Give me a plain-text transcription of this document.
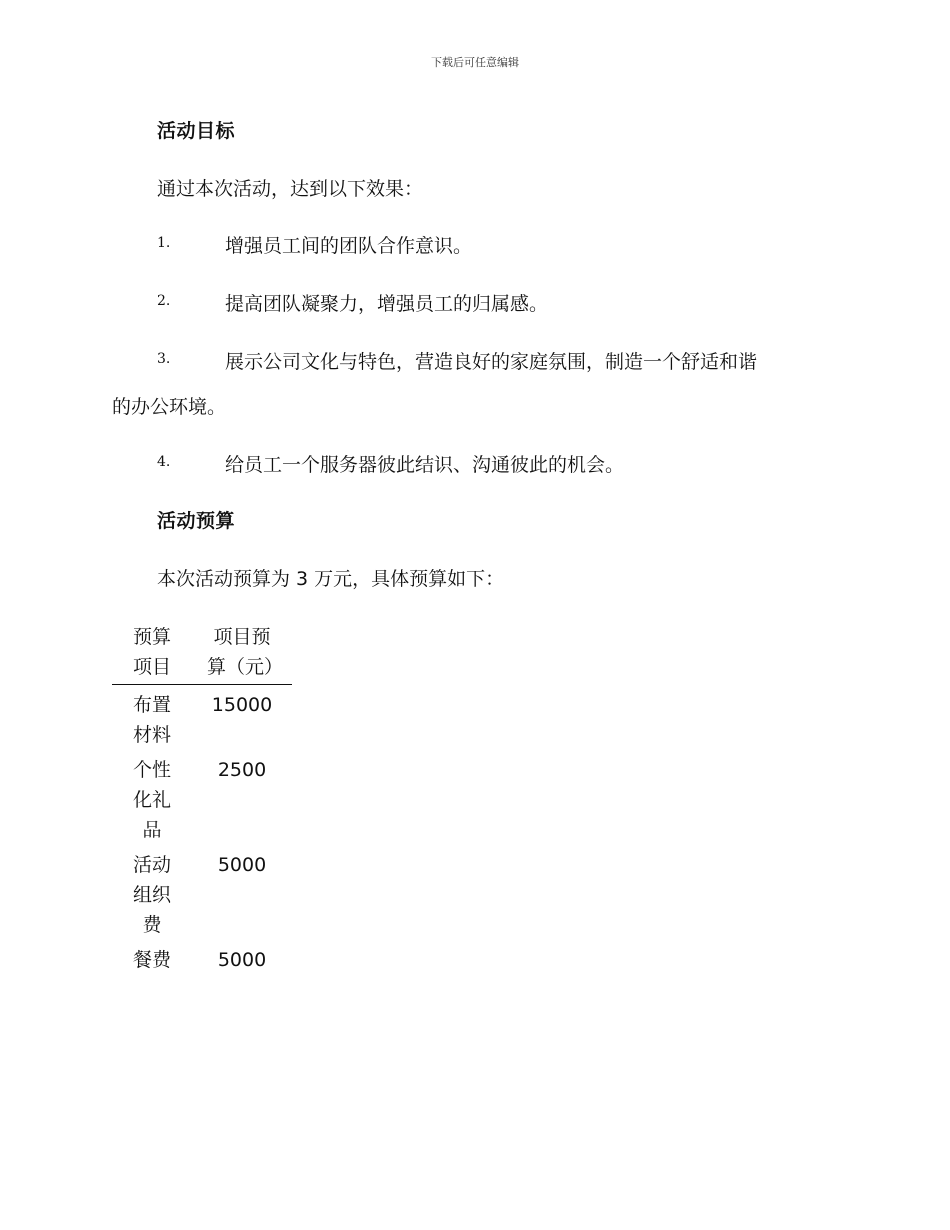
下载后可任意编辑
活动目标
通过本次活动，达到以下效果：
1.	增强员工间的团队合作意识。
2.	提高团队凝聚力，增强员工的归属感。
3.	展示公司文化与特色，营造良好的家庭氛围，制造一个舒适和谐
的办公环境。
4.	给员工一个服务器彼此结识、沟通彼此的机会。
活动预算
本次活动预算为 3 万元，具体预算如下：
预算项目	项目预算（元）
布置材料	15000
个性化礼品	2500
活动组织费	5000
餐费	5000
